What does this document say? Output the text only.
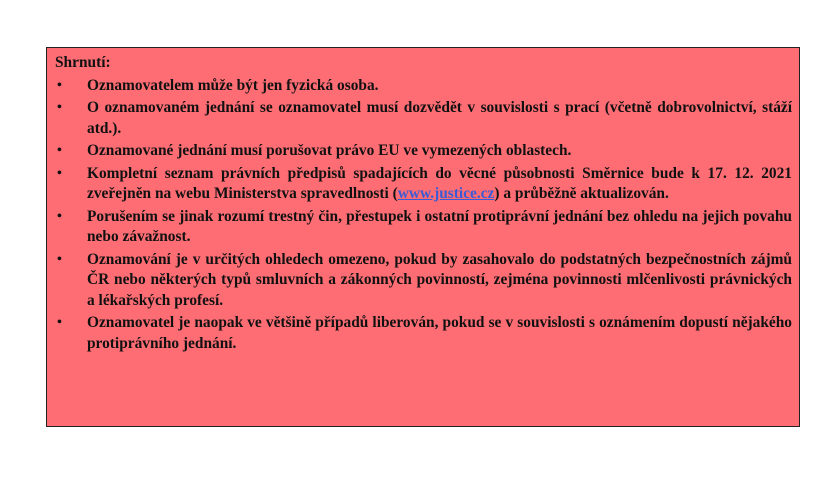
Shrnutí:
• Oznamovatelem může být jen fyzická osoba.
• O oznamovaném jednání se oznamovatel musí dozvědět v souvislosti s prací (včetně dobrovolnictví, stáží atd.).
• Oznamované jednání musí porušovat právo EU ve vymezených oblastech.
• Kompletní seznam právních předpisů spadajících do věcné působnosti Směrnice bude k 17. 12. 2021 zveřejněn na webu Ministerstva spravedlnosti (www.justice.cz) a průběžně aktualizován.
• Porušením se jinak rozumí trestný čin, přestupek i ostatní protiprávní jednání bez ohledu na jejich povahu nebo závažnost.
• Oznamování je v určitých ohledech omezeno, pokud by zasahovalo do podstatných bezpečnostních zájmů ČR nebo některých typů smluvních a zákonných povinností, zejména povinnosti mlčenlivosti právnických a lékařských profesí.
• Oznamovatel je naopak ve většině případů liberován, pokud se v souvislosti s oznámením dopustí nějakého protiprávního jednání.
